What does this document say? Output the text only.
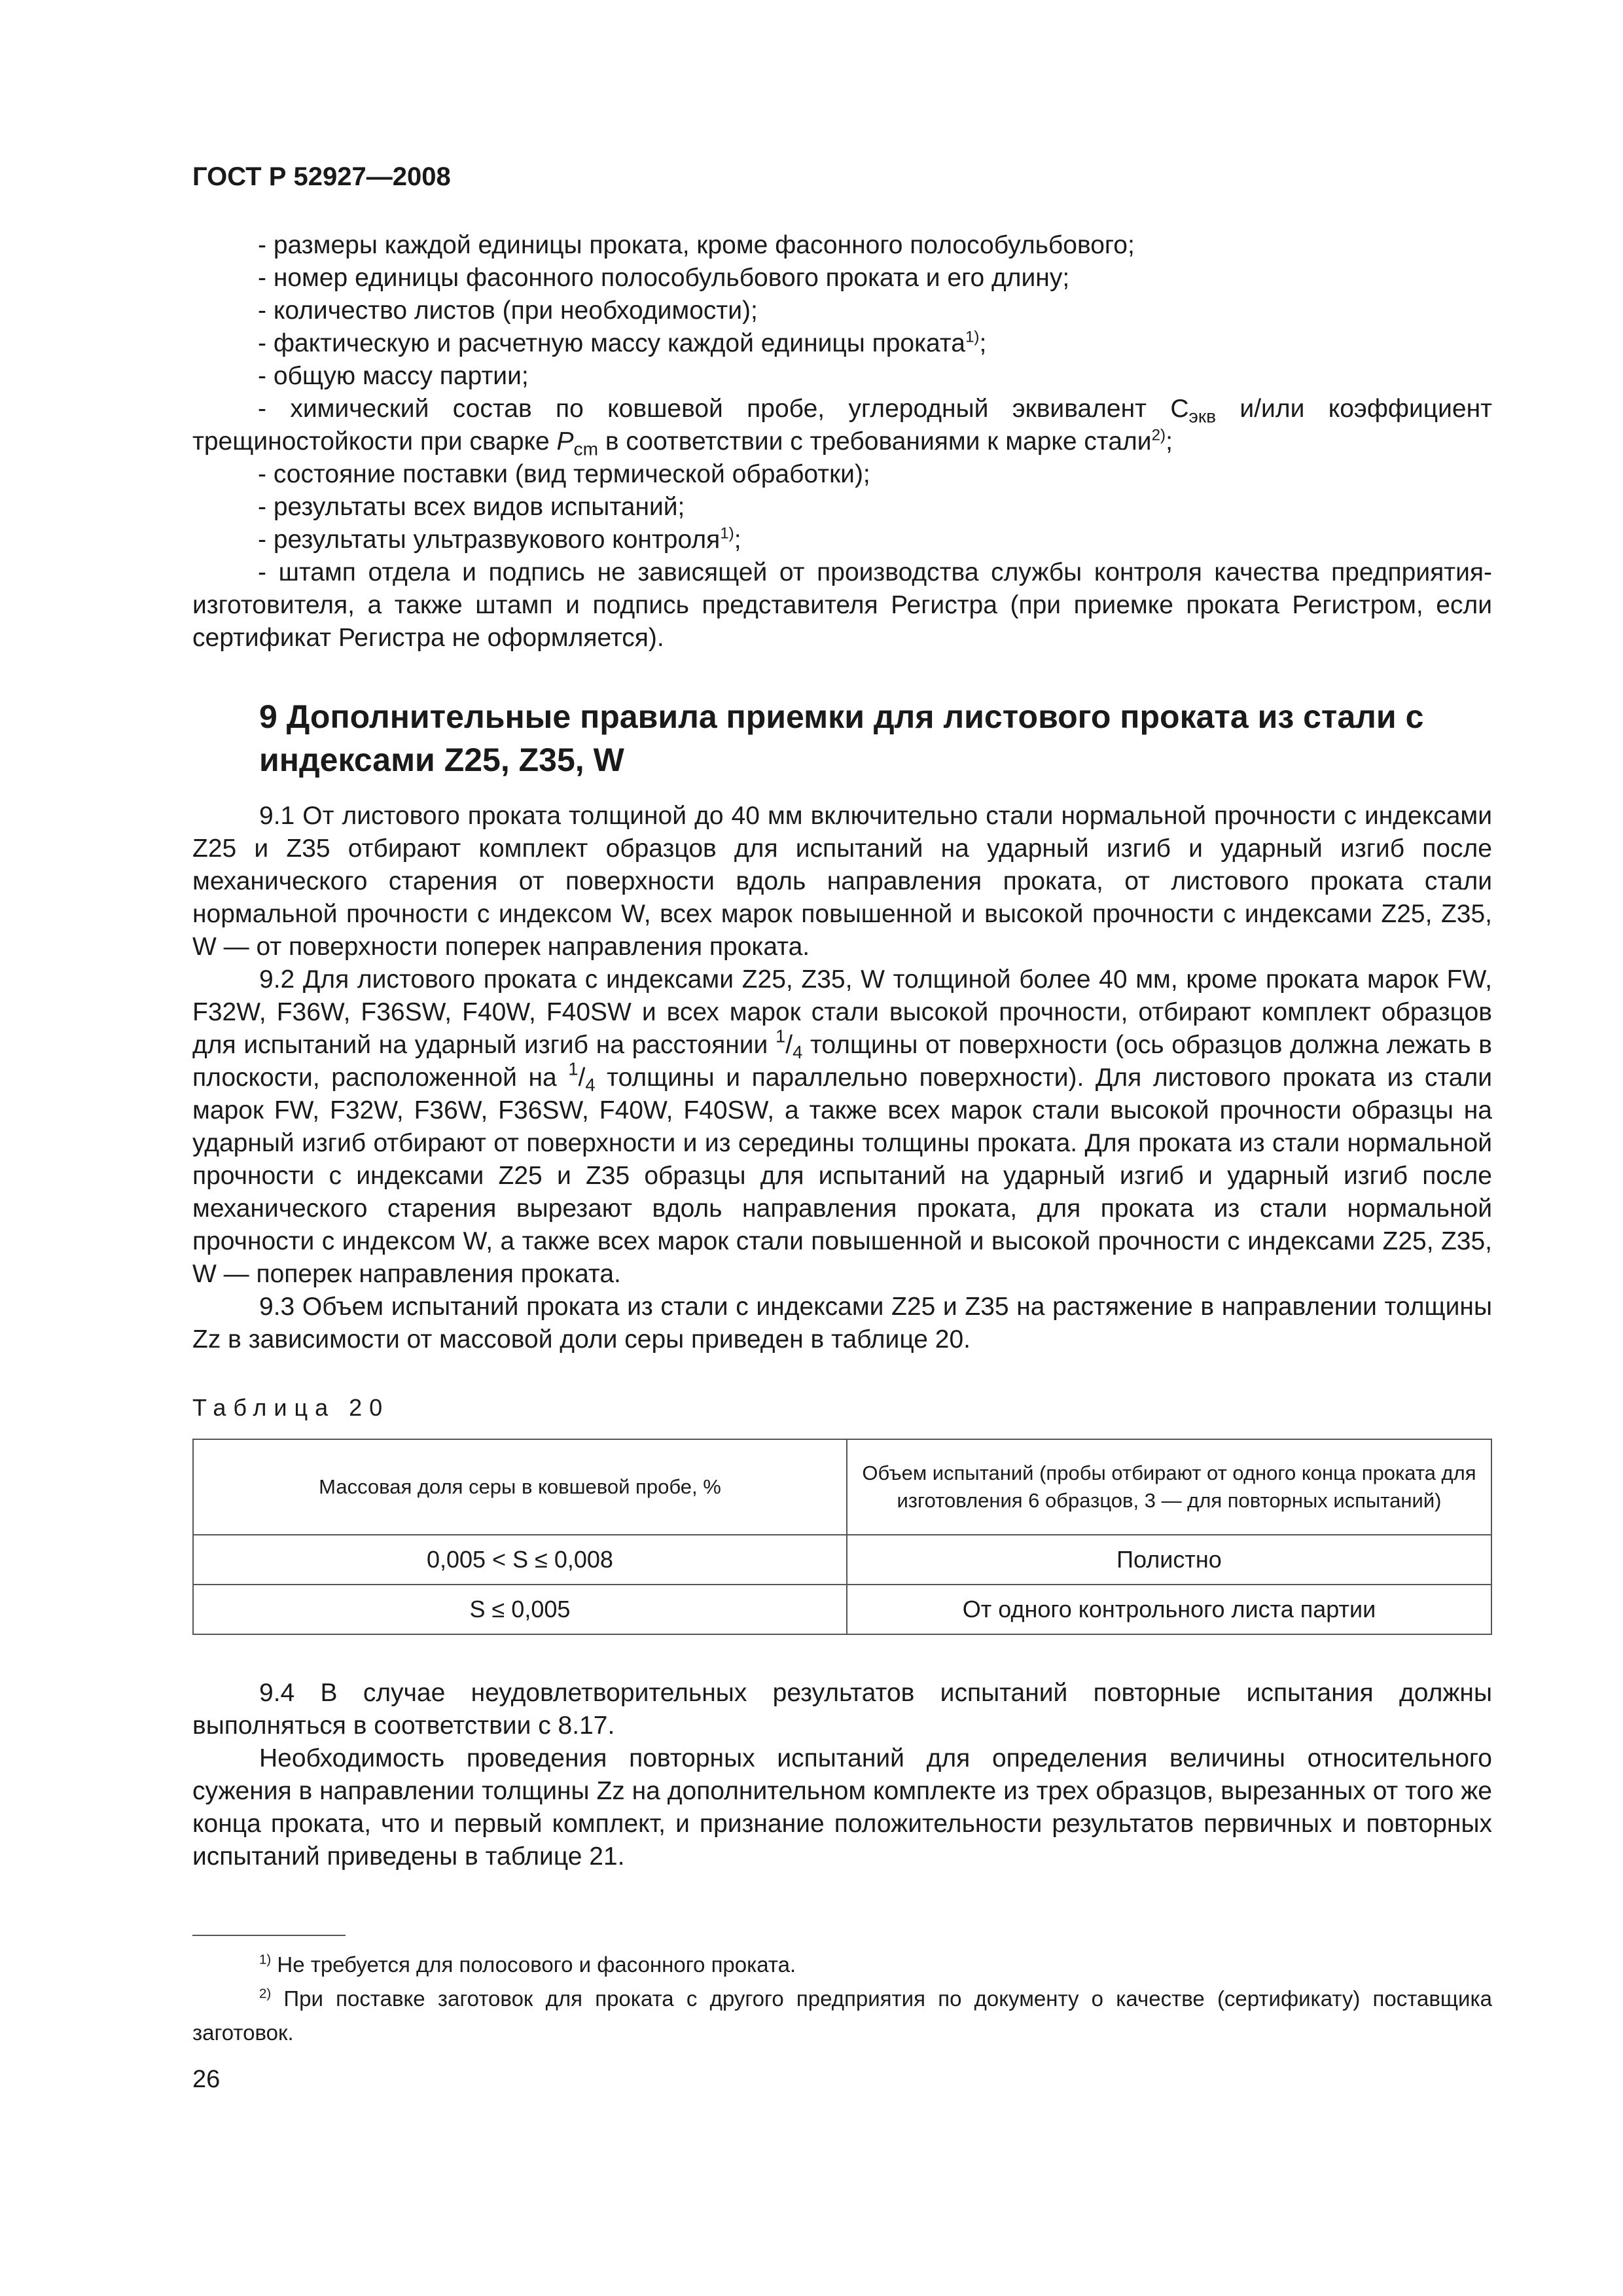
ГОСТ Р 52927—2008

- размеры каждой единицы проката, кроме фасонного полособульбового;

- номер единицы фасонного полособульбового проката и его длину;

- количество листов (при необходимости);

- фактическую и расчетную массу каждой единицы проката$^{1)}$;

- общую массу партии;

- химический состав по ковшевой пробе, углеродный эквивалент $С_{экв}$ и/или коэффициент трещиностойкости при сварке $P_{cm}$ в соответствии с требованиями к марке стали$^{2)}$;

- состояние поставки (вид термической обработки);

- результаты всех видов испытаний;

- результаты ультразвукового контроля$^{1)}$;

- штамп отдела и подпись не зависящей от производства службы контроля качества предприятия-изготовителя, а также штамп и подпись представителя Регистра (при приемке проката Регистром, если сертификат Регистра не оформляется).

9 Дополнительные правила приемки для листового проката из стали с индексами Z25, Z35, W

9.1 От листового проката толщиной до 40 мм включительно стали нормальной прочности с индексами Z25 и Z35 отбирают комплект образцов для испытаний на ударный изгиб и ударный изгиб после механического старения от поверхности вдоль направления проката, от листового проката стали нормальной прочности с индексом W, всех марок повышенной и высокой прочности с индексами Z25, Z35, W — от поверхности поперек направления проката.

9.2 Для листового проката с индексами Z25, Z35, W толщиной более 40 мм, кроме проката марок FW, F32W, F36W, F36SW, F40W, F40SW и всех марок стали высокой прочности, отбирают комплект образцов для испытаний на ударный изгиб на расстоянии $^1/_4$ толщины от поверхности (ось образцов должна лежать в плоскости, расположенной на $^1/_4$ толщины и параллельно поверхности). Для листового проката из стали марок FW, F32W, F36W, F36SW, F40W, F40SW, а также всех марок стали высокой прочности образцы на ударный изгиб отбирают от поверхности и из середины толщины проката. Для проката из стали нормальной прочности с индексами Z25 и Z35 образцы для испытаний на ударный изгиб и ударный изгиб после механического старения вырезают вдоль направления проката, для проката из стали нормальной прочности с индексом W, а также всех марок стали повышенной и высокой прочности с индексами Z25, Z35, W — поперек направления проката.

9.3 Объем испытаний проката из стали с индексами Z25 и Z35 на растяжение в направлении толщины Zz в зависимости от массовой доли серы приведен в таблице 20.

Таблица 20
Массовая доля серы в ковшевой пробе, %	Объем испытаний (пробы отбирают от одного конца проката для изготовления 6 образцов, 3 — для повторных испытаний)
0,005 < S ≤ 0,008	Полистно
S ≤ 0,005	От одного контрольного листа партии

9.4 В случае неудовлетворительных результатов испытаний повторные испытания должны выполняться в соответствии с 8.17.

Необходимость проведения повторных испытаний для определения величины относительного сужения в направлении толщины Zz на дополнительном комплекте из трех образцов, вырезанных от того же конца проката, что и первый комплект, и признание положительности результатов первичных и повторных испытаний приведены в таблице 21.

$^{1)}$ Не требуется для полосового и фасонного проката.

$^{2)}$ При поставке заготовок для проката с другого предприятия по документу о качестве (сертификату) поставщика заготовок.

26
